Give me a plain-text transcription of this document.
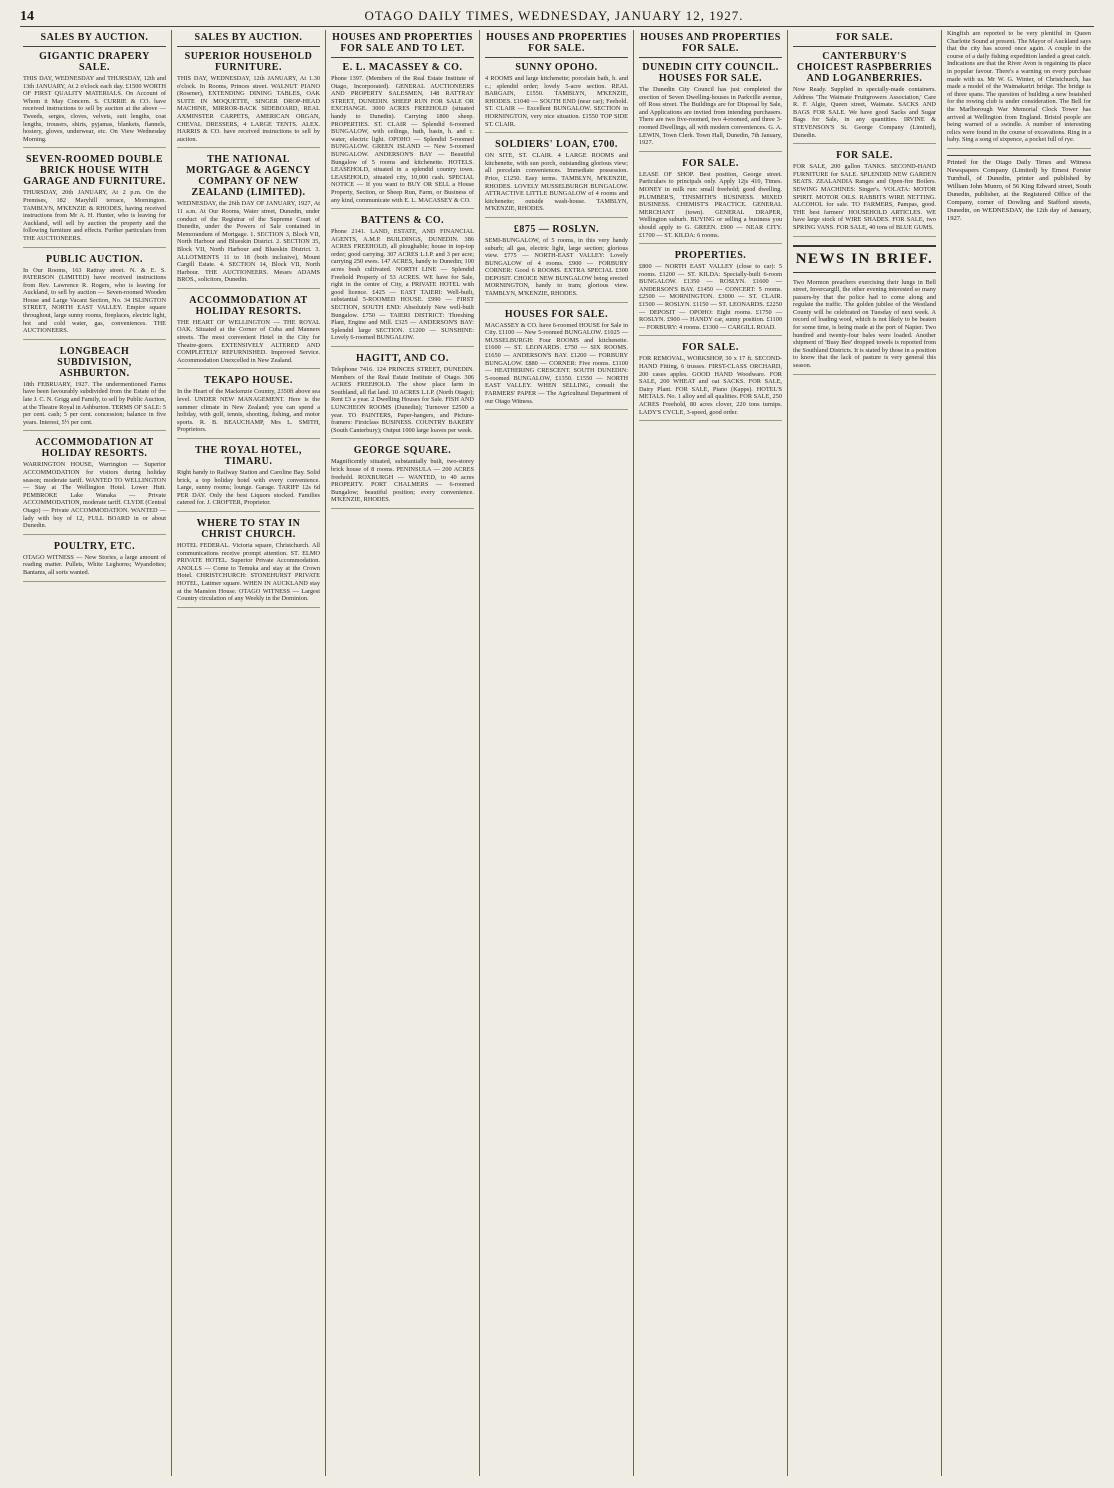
14	OTAGO DAILY TIMES, WEDNESDAY, JANUARY 12, 1927.
SALES BY AUCTION.
GIGANTIC DRAPERY SALE.
THIS DAY, WEDNESDAY and THURSDAY, 12th and 13th JANUARY, At 2 o'clock each day. £1500 WORTH OF FIRST QUALITY MATERIALS. On Account of Whom it May Concern. S. CURRIE & CO. have received instructions to sell by auction at the above — Tweeds, serges, cloves, velvets, suit lengths, coat lengths, trousers, shirts, pyjamas, blankets, flannels, hosiery, gloves, underwear, etc. On View Wednesday Morning.
SEVEN-ROOMED DOUBLE BRICK HOUSE WITH GARAGE AND FURNITURE.
THURSDAY, 20th JANUARY, At 2 p.m. On the Premises, 182 Maryhill terrace, Mornington. TAMBLYN, M'KENZIE & RHODES, having received instructions from Mr A. H. Hunter, who is leaving for Auckland, will sell by auction the property and the following furniture and effects. Further particulars from THE AUCTIONEERS.
PUBLIC AUCTION.
In Our Rooms, 163 Rattray street. N. & E. S. PATERSON (LIMITED) have received instructions from Rev. Lawrence R. Rogers, who is leaving for Auckland, to sell by auction — Seven-roomed Wooden House and Large Vacant Section, No. 34 ISLINGTON STREET, NORTH EAST VALLEY. Empire square throughout, large sunny rooms, fireplaces, electric light, hot and cold water, gas, conveniences. THE AUCTIONEERS.
LONGBEACH SUBDIVISION, ASHBURTON.
18th FEBRUARY, 1927. The undermentioned Farms have been favourably subdivided from the Estate of the late J. C. N. Grigg and Family, to sell by Public Auction, at the Theatre Royal in Ashburton. TERMS OF SALE: 5 per cent. cash; 5 per cent. concession; balance in five years. Interest, 5½ per cent.
ACCOMMODATION AT HOLIDAY RESORTS.
WARRINGTON HOUSE, Warrington — Superior ACCOMMODATION for visitors during holiday season; moderate tariff. WANTED TO WELLINGTON — Stay at The Wellington Hotel. Lower Hutt. PEMBROKE Lake Wanaka — Private ACCOMMODATION, moderate tariff. CLYDE (Central Otago) — Private ACCOMMODATION. WANTED — lady with boy of 12, FULL BOARD in or about Dunedin.
POULTRY, ETC.
OTAGO WITNESS — New Stories, a large amount of reading matter. Pullets, White Leghorns; Wyandottes; Bantams, all sorts wanted.
SALES BY AUCTION.
SUPERIOR HOUSEHOLD FURNITURE.
THIS DAY, WEDNESDAY, 12th JANUARY, At 1.30 o'clock. In Rooms, Princes street. WALNUT PIANO (Rosener), EXTENDING DINING TABLES, OAK SUITE IN MOQUETTE, SINGER DROP-HEAD MACHINE, MIRROR-BACK SIDEBOARD, REAL AXMINSTER CARPETS, AMERICAN ORGAN, CHEVAL DRESSERS, 4 LARGE TENTS. ALEX. HARRIS & CO. have received instructions to sell by auction.
THE NATIONAL MORTGAGE & AGENCY COMPANY OF NEW ZEALAND (LIMITED).
WEDNESDAY, the 26th DAY OF JANUARY, 1927, At 11 a.m. At Our Rooms, Water street, Dunedin, under conduct of the Registrar of the Supreme Court of Dunedin, under the Powers of Sale contained in Memorandum of Mortgage. 1. SECTION 3, Block VII, North Harbour and Blueskin District. 2. SECTION 35, Block VII, North Harbour and Blueskin District. 3. ALLOTMENTS 11 to 18 (both inclusive), Mount Cargill Estate. 4. SECTION 14, Block VII, North Harbour. THE AUCTIONEERS. Messrs ADAMS BROS., solicitors, Dunedin.
ACCOMMODATION AT HOLIDAY RESORTS.
THE HEART OF WELLINGTON — THE ROYAL OAK. Situated at the Corner of Cuba and Manners streets. The most convenient Hotel in the City for Theatre-goers. EXTENSIVELY ALTERED AND COMPLETELY REFURNISHED. Improved Service. Accommodation Unexcelled in New Zealand.
TEKAPO HOUSE.
In the Heart of the Mackenzie Country, 2350ft above sea level. UNDER NEW MANAGEMENT. Here is the summer climate in New Zealand; you can spend a holiday, with golf, tennis, shooting, fishing, and motor sports. R. B. BEAUCHAMP, Mrs L. SMITH, Proprietors.
THE ROYAL HOTEL, TIMARU.
Right handy to Railway Station and Caroline Bay. Solid brick, a top holiday hotel with every convenience. Large, sunny rooms; lounge. Garage. TARIFF 12s 6d PER DAY. Only the best Liquors stocked. Families catered for. J. CROFTER, Proprietor.
WHERE TO STAY IN CHRIST CHURCH.
HOTEL FEDERAL. Victoria square, Christchurch. All communications receive prompt attention. ST. ELMO PRIVATE HOTEL. Superior Private Accommodation. ANOLLS — Come to Temuka and stay at the Crown Hotel. CHRISTCHURCH: STONEHURST PRIVATE HOTEL, Latimer square. WHEN IN AUCKLAND stay at the Mansion House. OTAGO WITNESS — Largest Country circulation of any Weekly in the Dominion.
HOUSES AND PROPERTIES FOR SALE AND TO LET.
E. L. MACASSEY & CO.
Phone 1397. (Members of the Real Estate Institute of Otago, Incorporated). GENERAL AUCTIONEERS AND PROPERTY SALESMEN, 148 RATTRAY STREET, DUNEDIN. SHEEP RUN FOR SALE OR EXCHANGE. 3000 ACRES FREEHOLD (situated handy to Dunedin). Carrying 1800 sheep. PROPERTIES. ST. CLAIR — Splendid 6-roomed BUNGALOW, with ceilings, bath, basin, h. and c. water, electric light. OPOHO — Splendid 5-roomed BUNGALOW. GREEN ISLAND — New 5-roomed BUNGALOW. ANDERSON'S BAY — Beautiful Bungalow of 5 rooms and kitchenette. HOTELS. LEASEHOLD, situated in a splendid country town. LEASEHOLD, situated city, 10,000 cash. SPECIAL NOTICE — If you want to BUY OR SELL a House Property, Section, or Sheep Run, Farm, or Business of any kind, communicate with E. L. MACASSEY & CO.
BATTENS & CO.
Phone 2141. LAND, ESTATE, AND FINANCIAL AGENTS, A.M.P. BUILDINGS, DUNEDIN. 386 ACRES FREEHOLD, all ploughable; house in top-top order; good carrying. 307 ACRES L.I.P. and 3 per acre; carrying 250 ewes. 147 ACRES, handy to Dunedin; 100 acres bush cultivated. NORTH LINE — Splendid Freehold Property of 53 ACRES. WE have for Sale, right in the centre of City, a PRIVATE HOTEL with good licence. £425 — EAST TAIERI: Well-built, substantial 5-ROOMED HOUSE. £990 — FIRST SECTION, SOUTH END: Absolutely New well-built Bungalow. £750 — TAIERI DISTRICT: Threshing Plant, Engine and Mill. £325 — ANDERSON'S BAY: Splendid large SECTION. £1200 — SUNSHINE: Lovely 6-roomed BUNGALOW.
HAGITT, AND CO.
Telephone 7416. 124 PRINCES STREET, DUNEDIN. Members of the Real Estate Institute of Otago. 306 ACRES FREEHOLD. The show place farm in Southland, all flat land. 10 ACRES L.I.P. (North Otago); Rent £3 a year. 2 Dwelling Houses for Sale. FISH AND LUNCHEON ROOMS (Dunedin); Turnover £2500 a year. TO PAINTERS, Paper-hangers, and Picture-framers: Firstclass BUSINESS. COUNTRY BAKERY (South Canterbury); Output 1000 large loaves per week.
GEORGE SQUARE.
Magnificently situated, substantially built, two-storey brick house of 8 rooms. PENINSULA — 200 ACRES freehold. ROXBURGH — WANTED, to 40 acres PROPERTY. PORT CHALMERS — 6-roomed Bungalow; beautiful position; every convenience. M'KENZIE, RHODES.
HOUSES AND PROPERTIES FOR SALE.
SUNNY OPOHO.
4 ROOMS and large kitchenette; porcelain bath, h. and c.; splendid order; lovely 5-acre section. REAL BARGAIN, £1550. TAMBLYN, M'KENZIE, RHODES. £1040 — SOUTH END (near car); Feehold. ST. CLAIR — Excellent BUNGALOW. SECTION in HORNINGTON, very nice situation. £1550 TOP SIDE ST. CLAIR.
SOLDIERS' LOAN, £700.
ON SITE, ST. CLAIR. 4 LARGE ROOMS and kitchenette, with sun porch, outstanding glorious view; all porcelain conveniences. Immediate possession. Price, £1250. Easy terms. TAMBLYN, M'KENZIE, RHODES. LOVELY MUSSELBURGH BUNGALOW. ATTRACTIVE LITTLE BUNGALOW of 4 rooms and kitchenette; outside wash-house. TAMBLYN, M'KENZIE, RHODES.
£875 — ROSLYN.
SEMI-BUNGALOW, of 5 rooms, in this very handy suburb; all gas, electric light, large section; glorious view. £775 — NORTH-EAST VALLEY: Lovely BUNGALOW of 4 rooms. £900 — FORBURY CORNER: Good 6 ROOMS. EXTRA SPECIAL £300 DEPOSIT. CHOICE NEW BUNGALOW being erected MORNINGTON, handy to tram; glorious view. TAMBLYN, M'KENZIE, RHODES.
HOUSES FOR SALE.
MACASSEY & CO. have 6-roomed HOUSE for Sale in City. £1100 — New 5-roomed BUNGALOW. £1025 — MUSSELBURGH: Four ROOMS and kitchenette. £1600 — ST. LEONARDS. £750 — SIX ROOMS. £1650 — ANDERSON'S BAY. £1200 — FORBURY BUNGALOW. £880 — CORNER: Five rooms. £1100 — HEATHERING CRESCENT. SOUTH DUNEDIN: 5-roomed BUNGALOW, £1350. £1550 — NORTH EAST VALLEY. WHEN SELLING, consult the FARMERS' PAPER — The Agricultural Department of our Otago Witness.
HOUSES AND PROPERTIES FOR SALE.
DUNEDIN CITY COUNCIL. HOUSES FOR SALE.
The Dunedin City Council has just completed the erection of Seven Dwelling-houses in Parkville avenue, off Ross street. The Buildings are for Disposal by Sale, and Applications are invited from intending purchasers. There are two five-roomed, two 4-roomed, and three 3-roomed Dwellings, all with modern conveniences. G. A. LEWIN, Town Clerk. Town Hall, Dunedin, 7th January, 1927.
FOR SALE.
LEASE OF SHOP. Best position, George street. Particulars to principals only. Apply 12js 410, Times. MONEY in milk run: small freehold; good dwelling. PLUMBER'S, TINSMITH'S BUSINESS. MIXED BUSINESS. CHEMIST'S PRACTICE. GENERAL MERCHANT (town). GENERAL DRAPER, Wellington suburb. BUYING or selling a business you should apply to G. GREEN. £900 — NEAR CITY. £1700 — ST. KILDA: 6 rooms.
PROPERTIES.
£800 — NORTH EAST VALLEY (close to car): 5 rooms. £1200 — ST. KILDA: Specially-built 6-room BUNGALOW. £1350 — ROSLYN. £1600 — ANDERSON'S BAY. £1450 — CONCERT: 5 rooms. £2500 — MORNINGTON. £3000 — ST. CLAIR. £1500 — ROSLYN. £1150 — ST. LEONARDS. £2250 — DEPOSIT — OPOHO: Eight rooms. £1750 — ROSLYN. £900 — HANDY car, sunny position. £1100 — FORBURY: 4 rooms. £1300 — CARGILL ROAD.
FOR SALE.
FOR REMOVAL, WORKSHOP, 30 x 17 ft. SECOND-HAND Fitting, 6 trusses. FIRST-CLASS ORCHARD, 200 cases apples. GOOD HAND Woodware. FOR SALE, 200 WHEAT and oat SACKS. FOR SALE, Dairy Plant. FOR SALE, Piano (Kapps). HOTEL'S METALS. No. 1 alloy and all qualities. FOR SALE, 250 ACRES Freehold, 80 acres clover, 220 tons turnips. LADY'S CYCLE, 3-speed, good order.
FOR SALE.
CANTERBURY'S CHOICEST RASPBERRIES AND LOGANBERRIES.
Now Ready. Supplied in specially-made containers. Address 'The Waimate Fruitgrowers Association,' Care R. F. Algie, Queen street, Waimate. SACKS AND BAGS FOR SALE. We have good Sacks and Sugar Bags for Sale, in any quantities. IRVINE & STEVENSON'S St. George Company (Limited), Dunedin.
FOR SALE.
FOR SALE, 200 gallon TANKS. SECOND-HAND FURNITURE for SALE. SPLENDID NEW GARDEN SEATS. ZEALANDIA Ranges and Open-fire Boilers. SEWING MACHINES: Singer's. VOLATA: MOTOR SPIRIT. MOTOR OILS. RABBITS WIRE NETTING. ALCOHOL for sale. TO FARMERS, Pampas, good. THE best farmers' HOUSEHOLD ARTICLES. WE have large stock of WIRE SHADES. FOR SALE, two SPRING VANS. FOR SALE, 40 tons of BLUE GUMS.
NEWS IN BRIEF.
Two Mormon preachers exercising their lungs in Bell street, Invercargill, the other evening interested so many passers-by that the police had to come along and regulate the traffic. The golden jubilee of the Westland County will be celebrated on Tuesday of next week. A record of loading wool, which is not likely to be beaten for some time, is being made at the port of Napier. Two hundred and twenty-four bales were loaded. Another shipment of 'Busy Bee' dropped towels is reported from the Southland Districts. It is stated by those in a position to know that the lack of pasture is very general this season.
Kingfish are reported to be very plentiful in Queen Charlotte Sound at present. The Mayor of Auckland says that the city has scored once again. A couple in the course of a daily fishing expedition landed a great catch. Indications are that the River Avon is regaining its place in popular favour. There's a warning on every purchase made with us. Mr W. G. Winter, of Christchurch, has made a model of the Waimakariri bridge. The bridge is of three spans. The question of building a new boatshed for the rowing club is under consideration. The Bell for the Marlborough War Memorial Clock Tower has arrived at Wellington from England. Bristol people are being warned of a swindle. A number of interesting relics were found in the course of excavations. Ring in a baby. Sing a song of sixpence, a pocket full of rye.
Printed for the Otago Daily Times and Witness Newspapers Company (Limited) by Ernest Forster Turnbull, of Dunedin, printer and published by William John Munro, of 56 King Edward street, South Dunedin, publisher, at the Registered Office of the Company, corner of Dowling and Stafford streets, Dunedin, on WEDNESDAY, the 12th day of January, 1927.
